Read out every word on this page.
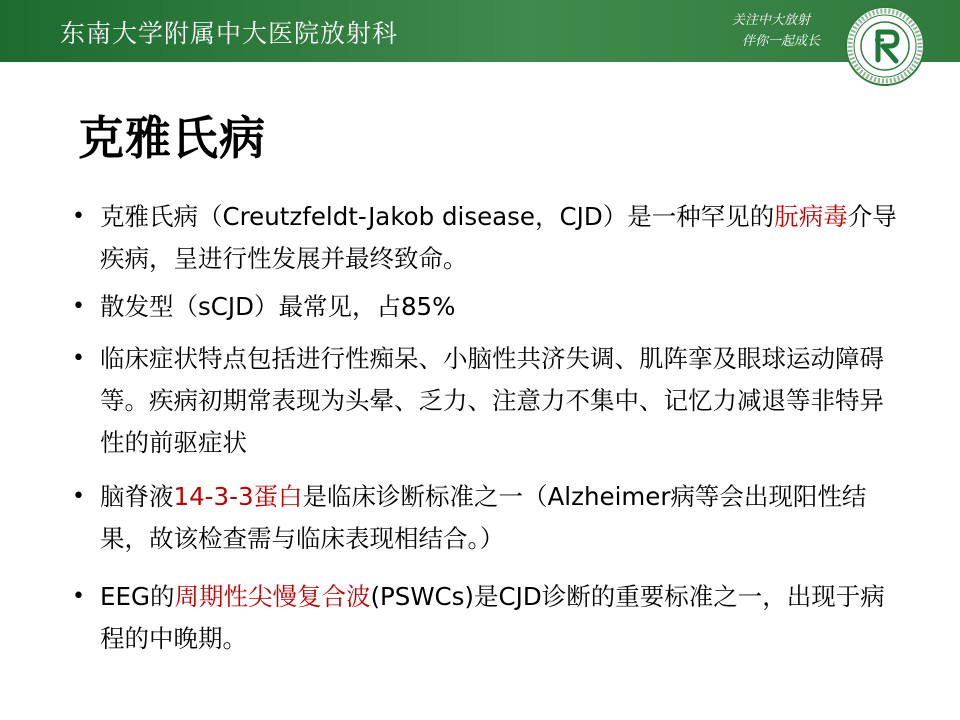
东南大学附属中大医院放射科	关注中大放射
伴你一起成长
克雅氏病
• 克雅氏病（Creutzfeldt-Jakob disease，CJD）是一种罕见的朊病毒介导疾病，呈进行性发展并最终致命。
• 散发型（sCJD）最常见，占85%
• 临床症状特点包括进行性痴呆、小脑性共济失调、肌阵挛及眼球运动障碍等。疾病初期常表现为头晕、乏力、注意力不集中、记忆力减退等非特异性的前驱症状
• 脑脊液14-3-3蛋白是临床诊断标准之一（Alzheimer病等会出现阳性结果，故该检查需与临床表现相结合。）
• EEG的周期性尖慢复合波(PSWCs)是CJD诊断的重要标准之一，出现于病程的中晚期。
